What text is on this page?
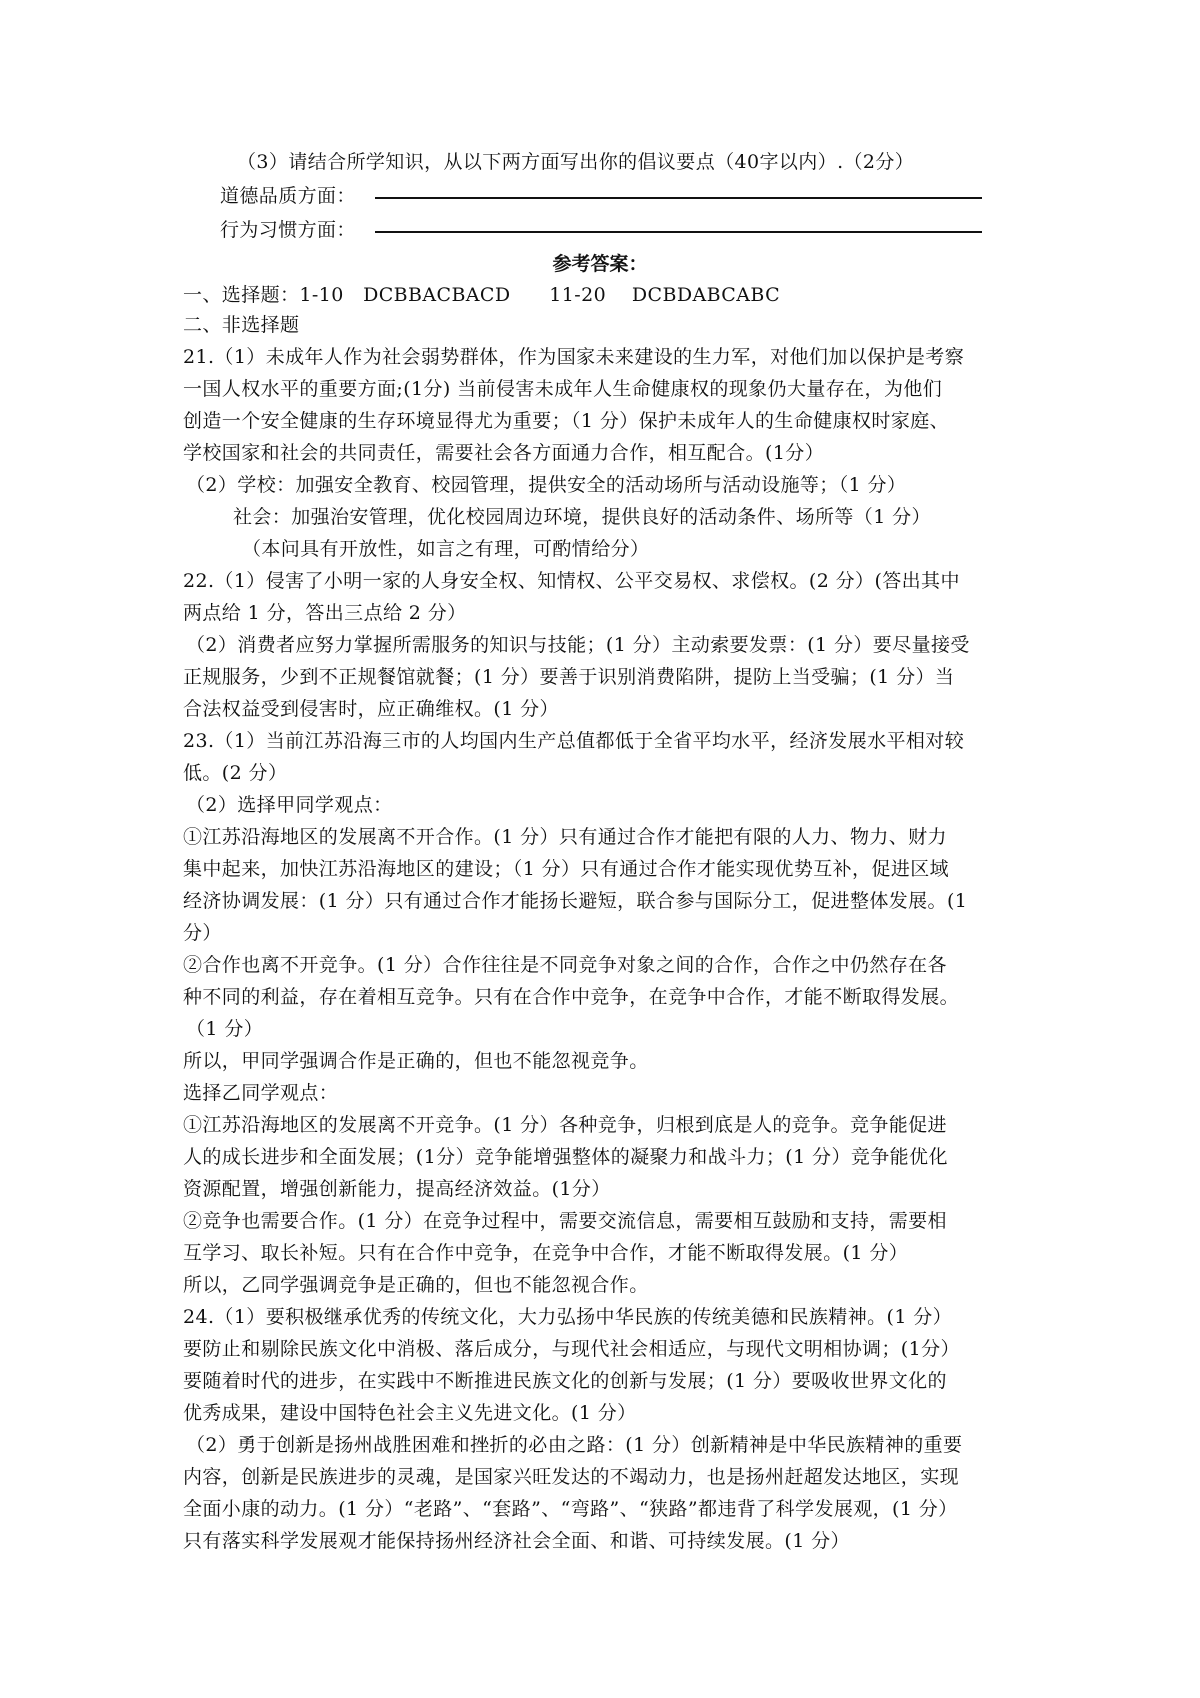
（3）请结合所学知识，从以下两方面写出你的倡议要点（40字以内）.（2分）
道德品质方面：
行为习惯方面：
参考答案：
一、选择题：1-10　DCBBACBACD　　11-20　 DCBDABCABC
二、非选择题
21.（1）未成年人作为社会弱势群体，作为国家未来建设的生力军，对他们加以保护是考察
一国人权水平的重要方面;(1分) 当前侵害未成年人生命健康权的现象仍大量存在，为他们
创造一个安全健康的生存环境显得尤为重要；（1 分）保护未成年人的生命健康权时家庭、
学校国家和社会的共同责任，需要社会各方面通力合作，相互配合。(1分）
（2）学校：加强安全教育、校园管理，提供安全的活动场所与活动设施等；（1 分）
社会：加强治安管理，优化校园周边环境，提供良好的活动条件、场所等（1 分）
（本问具有开放性，如言之有理，可酌情给分）
22.（1）侵害了小明一家的人身安全权、知情权、公平交易权、求偿权。(2 分）(答出其中
两点给 1 分，答出三点给 2 分）
（2）消费者应努力掌握所需服务的知识与技能；(1 分）主动索要发票：(1 分）要尽量接受
正规服务，少到不正规餐馆就餐；(1 分）要善于识别消费陷阱，提防上当受骗；(1 分）当
合法权益受到侵害时，应正确维权。(1 分）
23.（1）当前江苏沿海三市的人均国内生产总值都低于全省平均水平，经济发展水平相对较
低。(2 分）
（2）选择甲同学观点：
①江苏沿海地区的发展离不开合作。(1 分）只有通过合作才能把有限的人力、物力、财力
集中起来，加快江苏沿海地区的建设；（1 分）只有通过合作才能实现优势互补，促进区域
经济协调发展：(1 分）只有通过合作才能扬长避短，联合参与国际分工，促进整体发展。(1
分）
②合作也离不开竞争。(1 分）合作往往是不同竞争对象之间的合作，合作之中仍然存在各
种不同的利益，存在着相互竞争。只有在合作中竞争，在竞争中合作，才能不断取得发展。
（1 分）
所以，甲同学强调合作是正确的，但也不能忽视竞争。
选择乙同学观点：
①江苏沿海地区的发展离不开竞争。(1 分）各种竞争，归根到底是人的竞争。竞争能促进
人的成长进步和全面发展；(1分）竞争能增强整体的凝聚力和战斗力；(1 分）竞争能优化
资源配置，增强创新能力，提高经济效益。(1分）
②竞争也需要合作。(1 分）在竞争过程中，需要交流信息，需要相互鼓励和支持，需要相
互学习、取长补短。只有在合作中竞争，在竞争中合作，才能不断取得发展。(1 分）
所以，乙同学强调竞争是正确的，但也不能忽视合作。
24.（1）要积极继承优秀的传统文化，大力弘扬中华民族的传统美德和民族精神。(1 分）
要防止和剔除民族文化中消极、落后成分，与现代社会相适应，与现代文明相协调；(1分）
要随着时代的进步，在实践中不断推进民族文化的创新与发展；(1 分）要吸收世界文化的
优秀成果，建设中国特色社会主义先进文化。(1 分）
（2）勇于创新是扬州战胜困难和挫折的必由之路：(1 分）创新精神是中华民族精神的重要
内容，创新是民族进步的灵魂，是国家兴旺发达的不竭动力，也是扬州赶超发达地区，实现
全面小康的动力。(1 分）“老路”、“套路”、“弯路”、“狭路”都违背了科学发展观，(1 分）
只有落实科学发展观才能保持扬州经济社会全面、和谐、可持续发展。(1 分）
